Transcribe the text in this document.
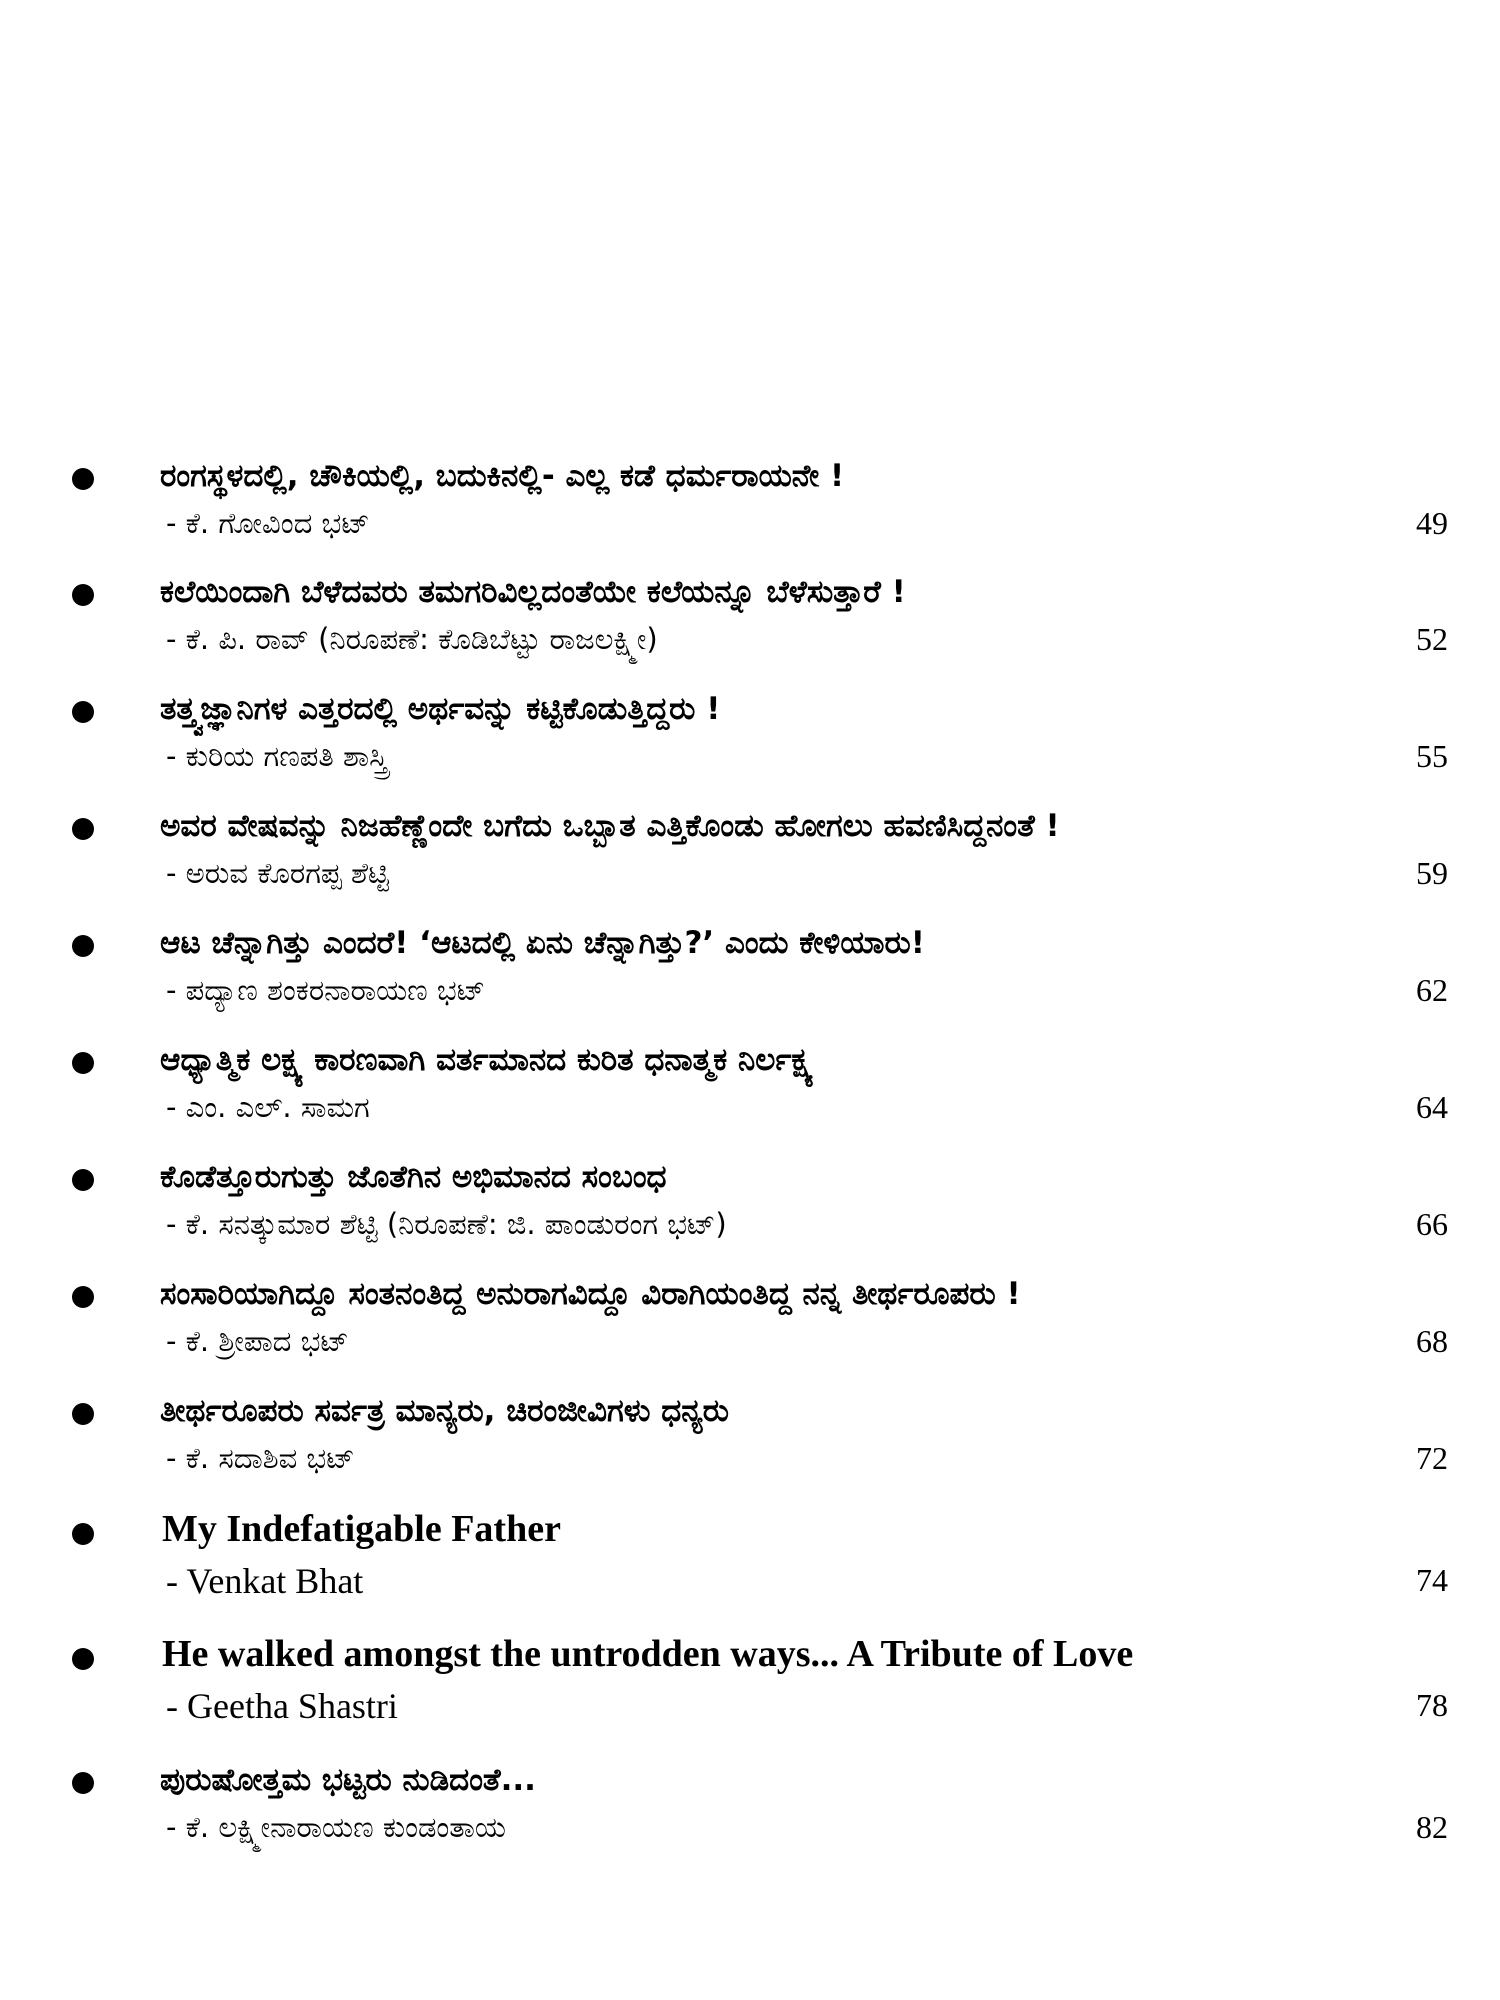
ರಂಗಸ್ಥಳದಲ್ಲಿ, ಚೌಕಿಯಲ್ಲಿ, ಬದುಕಿನಲ್ಲಿ- ಎಲ್ಲ ಕಡೆ ಧರ್ಮರಾಯನೇ !
- ಕೆ. ಗೋವಿಂದ ಭಟ್	49
ಕಲೆಯಿಂದಾಗಿ ಬೆಳೆದವರು ತಮಗರಿವಿಲ್ಲದಂತೆಯೇ ಕಲೆಯನ್ನೂ ಬೆಳೆಸುತ್ತಾರೆ !
- ಕೆ. ಪಿ. ರಾವ್ (ನಿರೂಪಣೆ: ಕೊಡಿಬೆಟ್ಟು ರಾಜಲಕ್ಷ್ಮೀ)	52
ತತ್ತ್ವಜ್ಞಾನಿಗಳ ಎತ್ತರದಲ್ಲಿ ಅರ್ಥವನ್ನು ಕಟ್ಟಿಕೊಡುತ್ತಿದ್ದರು !
- ಕುರಿಯ ಗಣಪತಿ ಶಾಸ್ತ್ರಿ	55
ಅವರ ವೇಷವನ್ನು ನಿಜಹೆಣ್ಣೆಂದೇ ಬಗೆದು ಒಬ್ಬಾತ ಎತ್ತಿಕೊಂಡು ಹೋಗಲು ಹವಣಿಸಿದ್ದನಂತೆ !
- ಅರುವ ಕೊರಗಪ್ಪ ಶೆಟ್ಟಿ	59
ಆಟ ಚೆನ್ನಾಗಿತ್ತು ಎಂದರೆ! ‘ಆಟದಲ್ಲಿ ಏನು ಚೆನ್ನಾಗಿತ್ತು?’ ಎಂದು ಕೇಳಿಯಾರು!
- ಪದ್ಯಾಣ ಶಂಕರನಾರಾಯಣ ಭಟ್	62
ಆಧ್ಯಾತ್ಮಿಕ ಲಕ್ಷ್ಯ ಕಾರಣವಾಗಿ ವರ್ತಮಾನದ ಕುರಿತ ಧನಾತ್ಮಕ ನಿರ್ಲಕ್ಷ್ಯ
- ಎಂ. ಎಲ್. ಸಾಮಗ	64
ಕೊಡೆತ್ತೂರುಗುತ್ತು ಜೊತೆಗಿನ ಅಭಿಮಾನದ ಸಂಬಂಧ
- ಕೆ. ಸನತ್ಕುಮಾರ ಶೆಟ್ಟಿ (ನಿರೂಪಣೆ: ಜಿ. ಪಾಂಡುರಂಗ ಭಟ್)	66
ಸಂಸಾರಿಯಾಗಿದ್ದೂ ಸಂತನಂತಿದ್ದ ಅನುರಾಗವಿದ್ದೂ ವಿರಾಗಿಯಂತಿದ್ದ ನನ್ನ ತೀರ್ಥರೂಪರು !
- ಕೆ. ಶ್ರೀಪಾದ ಭಟ್	68
ತೀರ್ಥರೂಪರು ಸರ್ವತ್ರ ಮಾನ್ಯರು, ಚಿರಂಜೀವಿಗಳು ಧನ್ಯರು
- ಕೆ. ಸದಾಶಿವ ಭಟ್	72
My Indefatigable Father
- Venkat Bhat	74
He walked amongst the untrodden ways... A Tribute of Love
- Geetha Shastri	78
ಪುರುಷೋತ್ತಮ ಭಟ್ಟರು ನುಡಿದಂತೆ...
- ಕೆ. ಲಕ್ಷ್ಮೀನಾರಾಯಣ ಕುಂಡಂತಾಯ	82
